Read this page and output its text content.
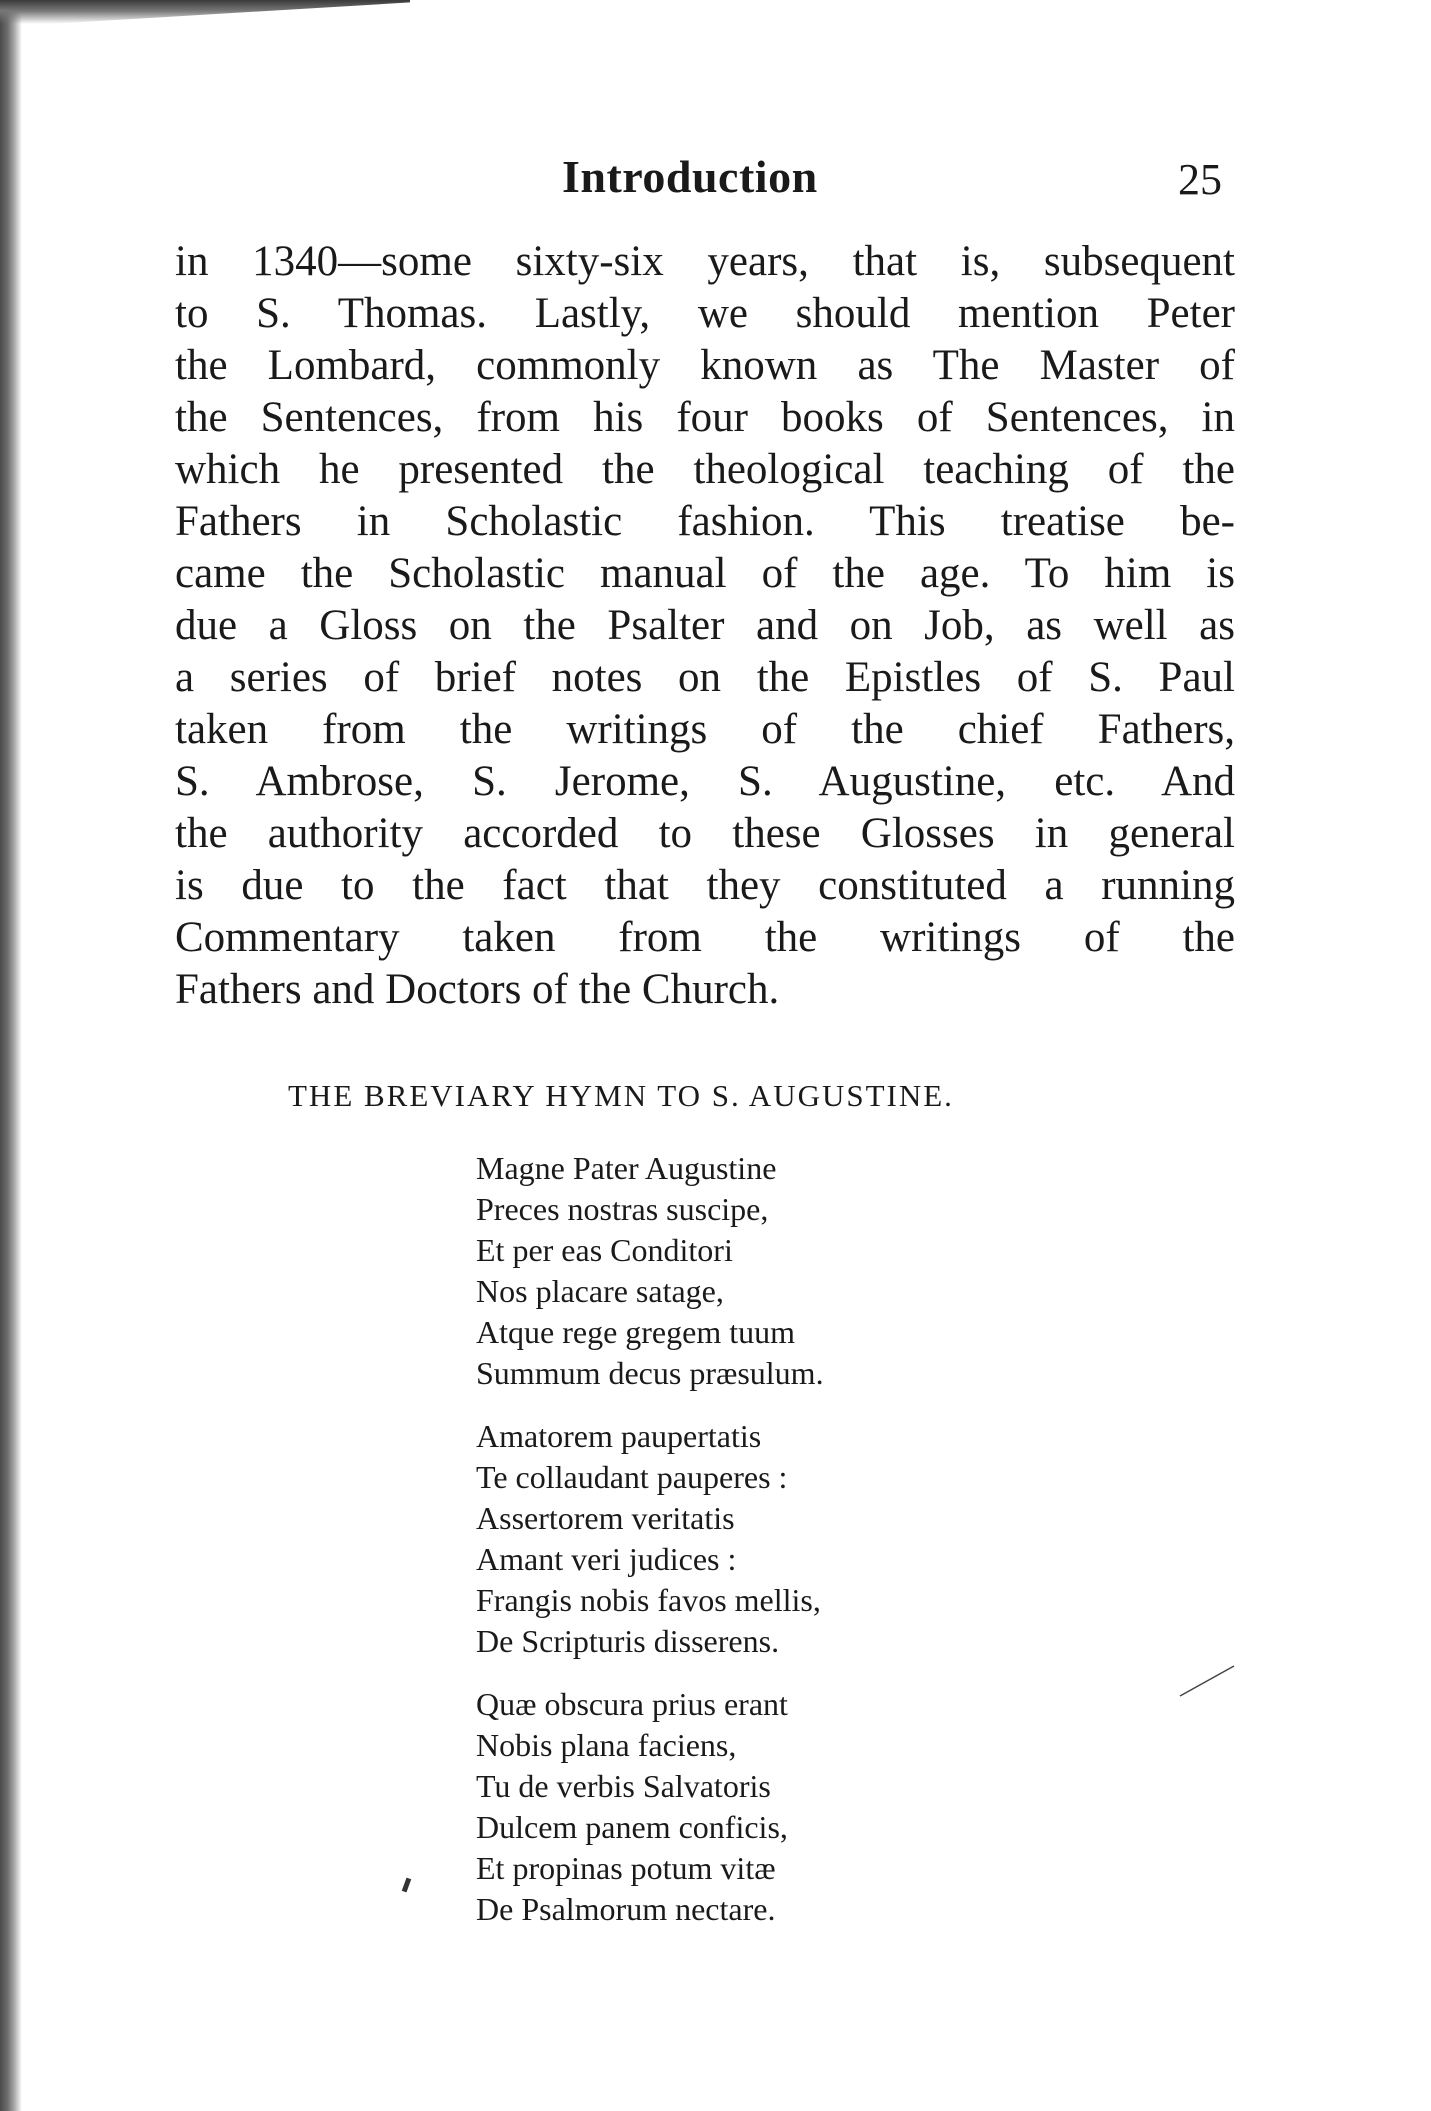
Introduction	25
in 1340—some sixty-six years, that is, subsequent
to S. Thomas. Lastly, we should mention Peter
the Lombard, commonly known as The Master of
the Sentences, from his four books of Sentences, in
which he presented the theological teaching of the
Fathers in Scholastic fashion. This treatise be-
came the Scholastic manual of the age. To him is
due a Gloss on the Psalter and on Job, as well as
a series of brief notes on the Epistles of S. Paul
taken from the writings of the chief Fathers,
S. Ambrose, S. Jerome, S. Augustine, etc. And
the authority accorded to these Glosses in general
is due to the fact that they constituted a running
Commentary taken from the writings of the
Fathers and Doctors of the Church.
THE BREVIARY HYMN TO S. AUGUSTINE.
Magne Pater Augustine
Preces nostras suscipe,
Et per eas Conditori
Nos placare satage,
Atque rege gregem tuum
Summum decus præsulum.
Amatorem paupertatis
Te collaudant pauperes :
Assertorem veritatis
Amant veri judices :
Frangis nobis favos mellis,
De Scripturis disserens.
Quæ obscura prius erant
Nobis plana faciens,
Tu de verbis Salvatoris
Dulcem panem conficis,
Et propinas potum vitæ
De Psalmorum nectare.
